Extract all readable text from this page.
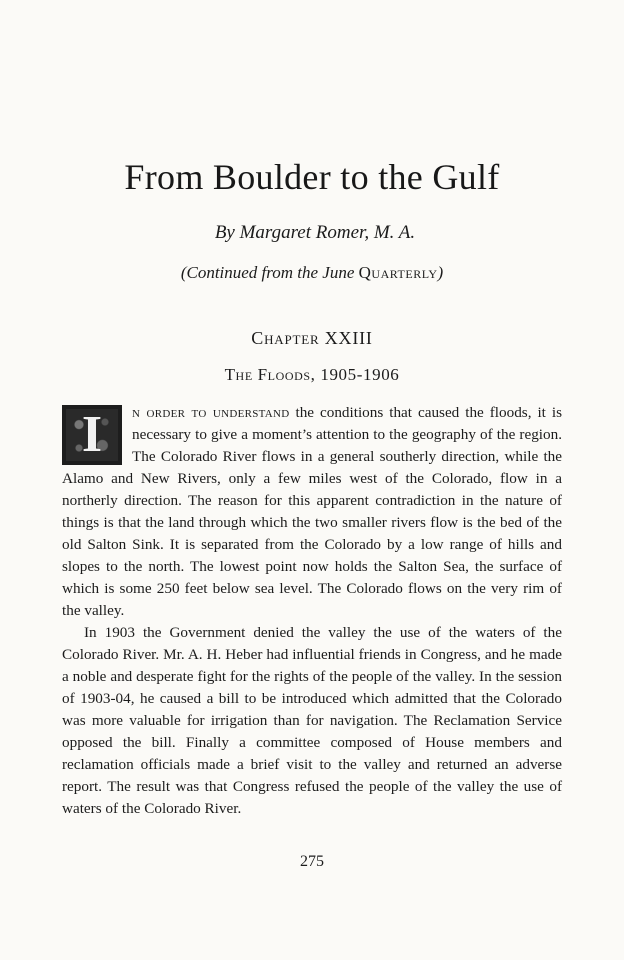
From Boulder to the Gulf
By Margaret Romer, M. A.
(Continued from the June Quarterly)
Chapter XXIII
The Floods, 1905-1906

I	n order to understand the conditions that caused the floods, it is necessary to give a moment’s attention to the geography of the region. The Colorado River flows in a general southerly direction, while the Alamo and New Rivers, only a few miles west of the Colorado, flow in a northerly direction. The reason for this apparent contradiction in the nature of things is that the land through which the two smaller rivers flow is the bed of the old Salton Sink. It is separated from the Colorado by a low range of hills and slopes to the north. The lowest point now holds the Salton Sea, the surface of which is some 250 feet below sea level. The Colorado flows on the very rim of the valley.

In 1903 the Government denied the valley the use of the waters of the Colorado River. Mr. A. H. Heber had influential friends in Congress, and he made a noble and desperate fight for the rights of the people of the valley. In the session of 1903-04, he caused a bill to be introduced which admitted that the Colorado was more valuable for irrigation than for navigation. The Reclamation Service opposed the bill. Finally a committee composed of House members and reclamation officials made a brief visit to the valley and returned an adverse report. The result was that Congress refused the people of the valley the use of waters of the Colorado River.

275
